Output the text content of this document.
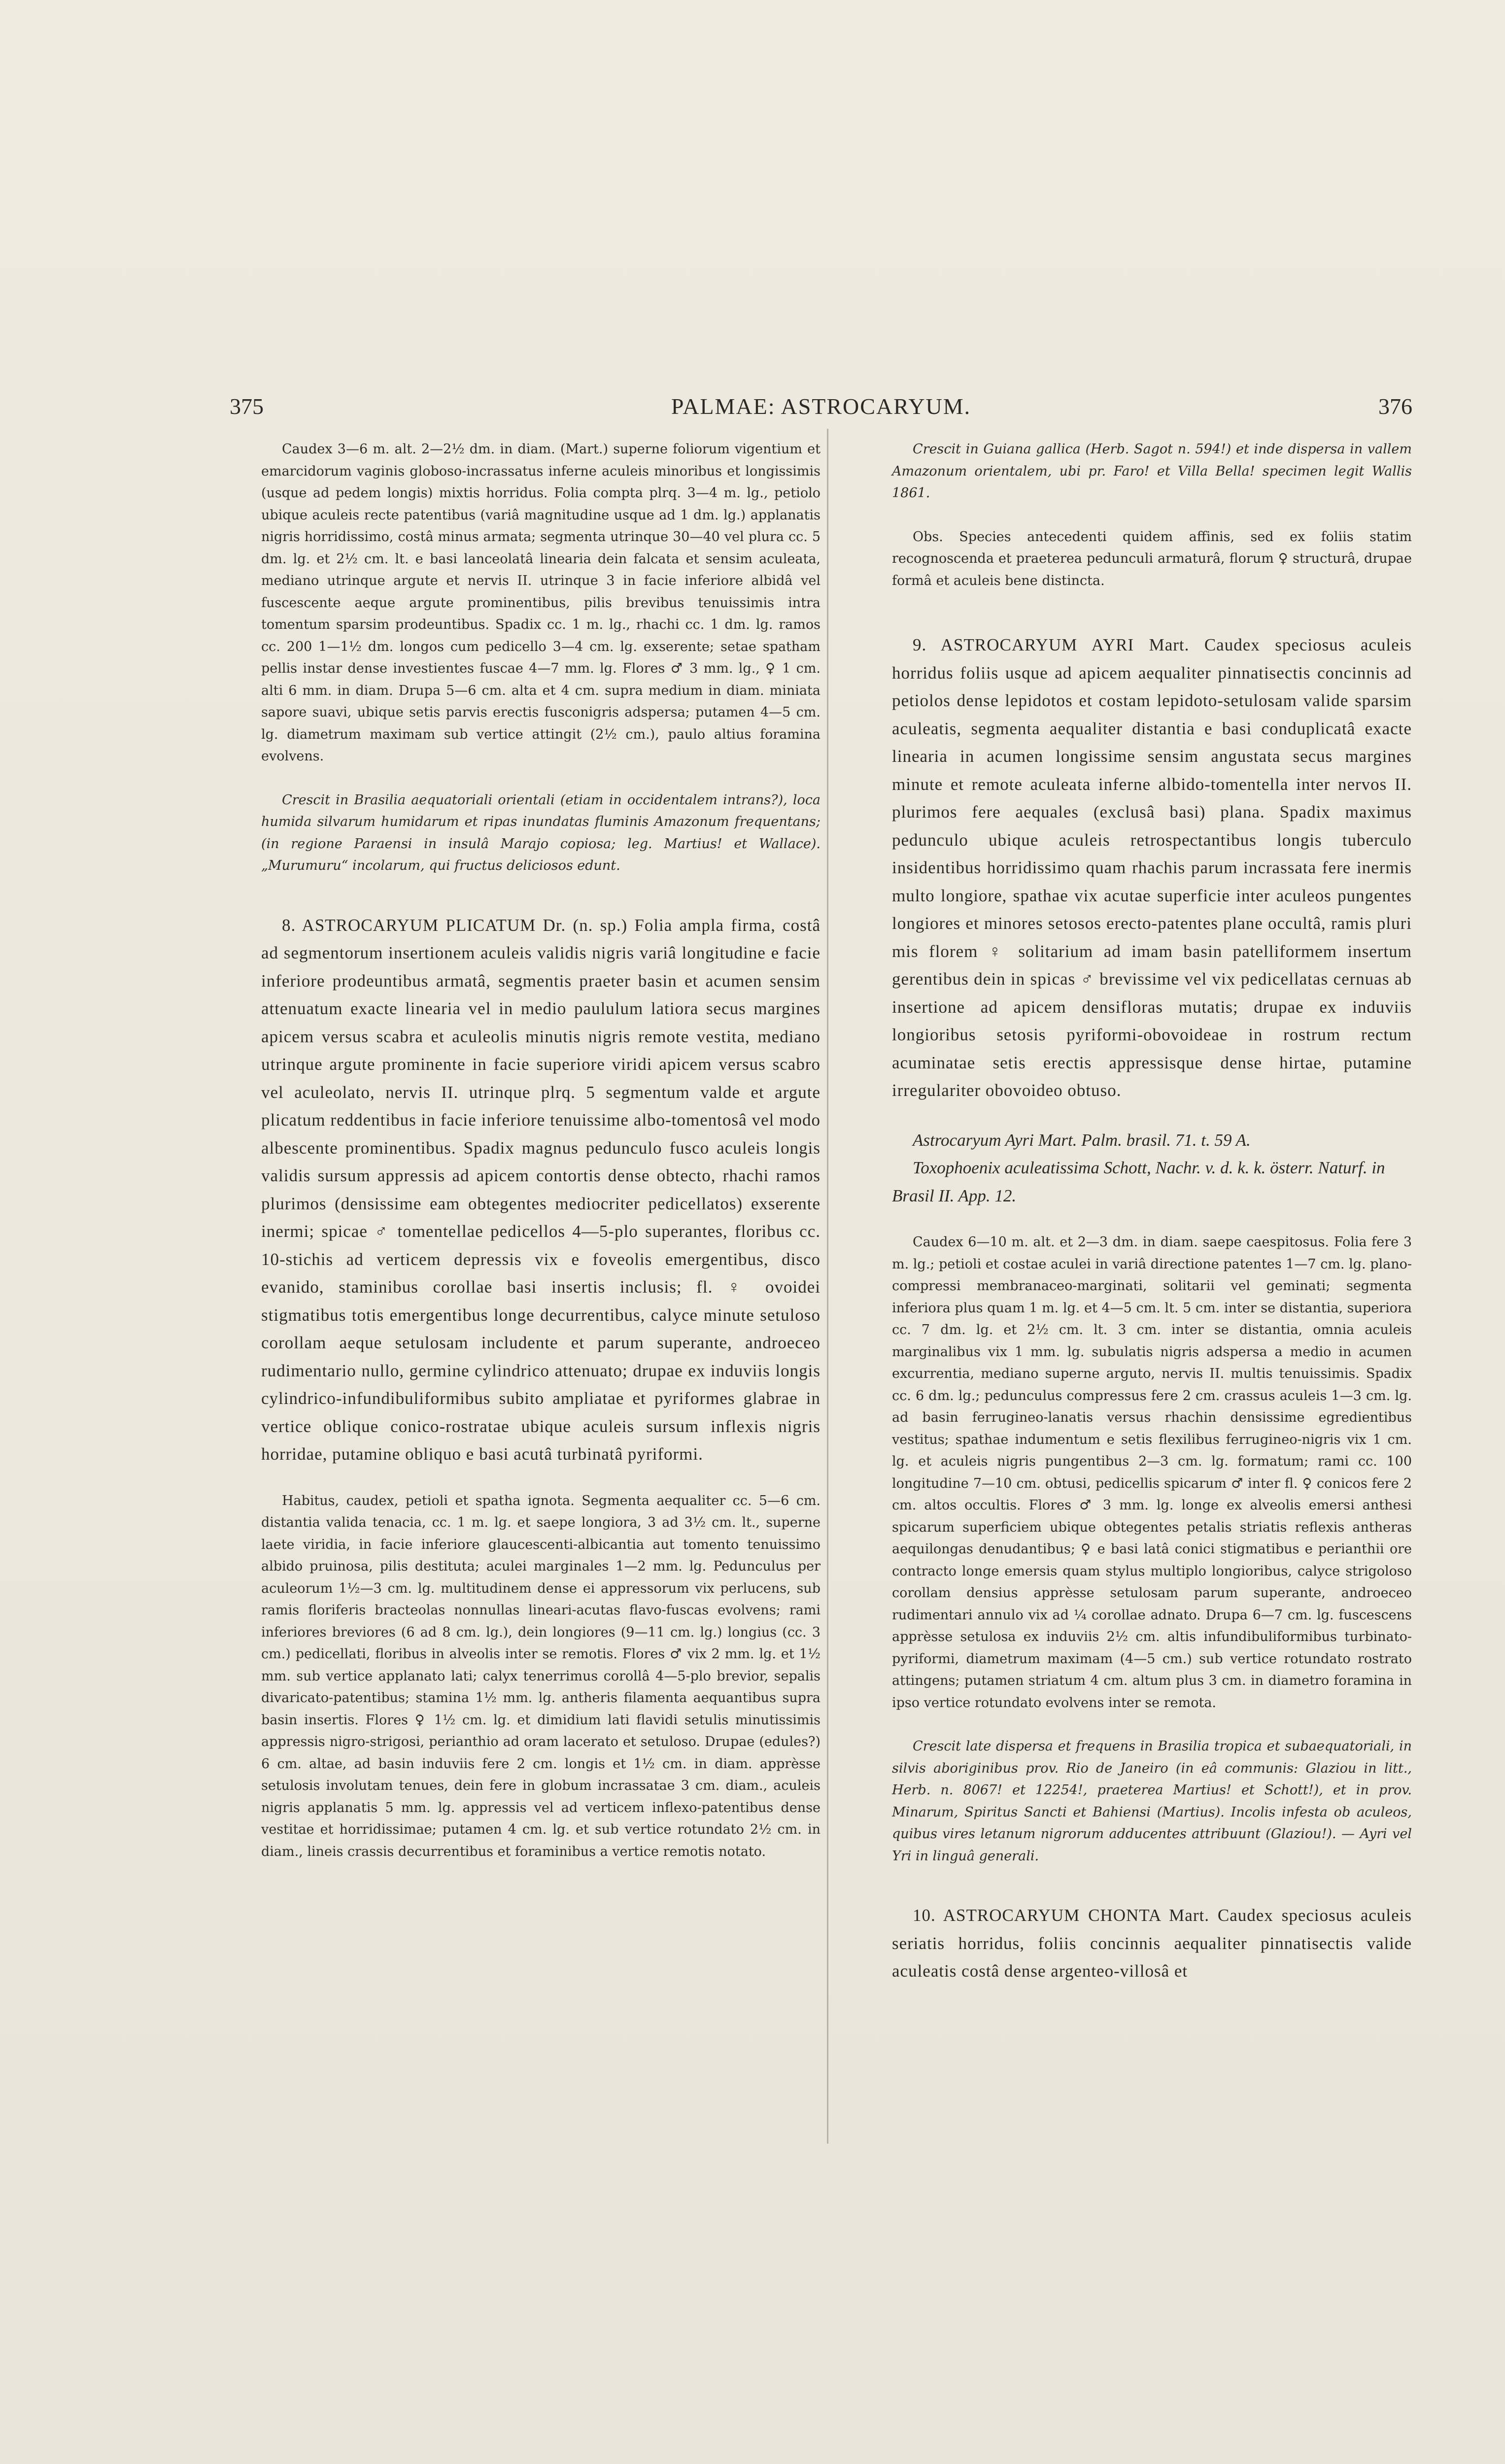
375	PALMAE: ASTROCARYUM.	376

Caudex 3—6 m. alt. 2—2½ dm. in diam. (Mart.) superne foliorum vigentium et emarcidorum vaginis globoso-incrassatus inferne aculeis minoribus et longissimis (usque ad pedem longis) mixtis horridus. Folia compta plrq. 3—4 m. lg., petiolo ubique aculeis recte patentibus (variâ magnitudine usque ad 1 dm. lg.) applanatis nigris horridissimo, costâ minus armata; segmenta utrinque 30—40 vel plura cc. 5 dm. lg. et 2½ cm. lt. e basi lanceolatâ linearia dein falcata et sensim aculeata, mediano utrinque argute et nervis II. utrinque 3 in facie inferiore albidâ vel fuscescente aeque argute prominentibus, pilis brevibus tenuissimis intra tomentum sparsim prodeuntibus. Spadix cc. 1 m. lg., rhachi cc. 1 dm. lg. ramos cc. 200 1—1½ dm. longos cum pedicello 3—4 cm. lg. exserente; setae spatham pellis instar dense investientes fuscae 4—7 mm. lg. Flores ♂ 3 mm. lg., ♀ 1 cm. alti 6 mm. in diam. Drupa 5—6 cm. alta et 4 cm. supra medium in diam. miniata sapore suavi, ubique setis parvis erectis fusconigris adspersa; putamen 4—5 cm. lg. diametrum maximam sub vertice attingit (2½ cm.), paulo altius foramina evolvens.

Crescit in Brasilia aequatoriali orientali (etiam in occidentalem intrans?), loca humida silvarum humidarum et ripas inundatas fluminis Amazonum frequentans; (in regione Paraensi in insulâ Marajo copiosa; leg. Martius! et Wallace). „Murumuru“ incolarum, qui fructus deliciosos edunt.

8. ASTROCARYUM PLICATUM Dr. (n. sp.) Folia ampla firma, costâ ad segmentorum insertionem aculeis validis nigris variâ longitudine e facie inferiore prodeuntibus armatâ, segmentis praeter basin et acumen sensim attenuatum exacte linearia vel in medio paululum latiora secus margines apicem versus scabra et aculeolis minutis nigris remote vestita, mediano utrinque argute prominente in facie superiore viridi apicem versus scabro vel aculeolato, nervis II. utrinque plrq. 5 segmentum valde et argute plicatum reddentibus in facie inferiore tenuissime albo-tomentosâ vel modo albescente prominentibus. Spadix magnus pedunculo fusco aculeis longis validis sursum appressis ad apicem contortis dense obtecto, rhachi ramos plurimos (densissime eam obtegentes mediocriter pedicellatos) exserente inermi; spicae ♂ tomentellae pedicellos 4—5-plo superantes, floribus cc. 10-stichis ad verticem depressis vix e foveolis emergentibus, disco evanido, staminibus corollae basi insertis inclusis; fl. ♀ ovoidei stigmatibus totis emergentibus longe decurrentibus, calyce minute setuloso corollam aeque setulosam includente et parum superante, androeceo rudimentario nullo, germine cylindrico attenuato; drupae ex induviis longis cylindrico-infundibuliformibus subito ampliatae et pyriformes glabrae in vertice oblique conico-rostratae ubique aculeis sursum inflexis nigris horridae, putamine obliquo e basi acutâ turbinatâ pyriformi.

Habitus, caudex, petioli et spatha ignota. Segmenta aequaliter cc. 5—6 cm. distantia valida tenacia, cc. 1 m. lg. et saepe longiora, 3 ad 3½ cm. lt., superne laete viridia, in facie inferiore glaucescenti-albicantia aut tomento tenuissimo albido pruinosa, pilis destituta; aculei marginales 1—2 mm. lg. Pedunculus per aculeorum 1½—3 cm. lg. multitudinem dense ei appressorum vix perlucens, sub ramis floriferis bracteolas nonnullas lineari-acutas flavo-fuscas evolvens; rami inferiores breviores (6 ad 8 cm. lg.), dein longiores (9—11 cm. lg.) longius (cc. 3 cm.) pedicellati, floribus in alveolis inter se remotis. Flores ♂ vix 2 mm. lg. et 1½ mm. sub vertice applanato lati; calyx tenerrimus corollâ 4—5-plo brevior, sepalis divaricato-patentibus; stamina 1½ mm. lg. antheris filamenta aequantibus supra basin insertis. Flores ♀ 1½ cm. lg. et dimidium lati flavidi setulis minutissimis appressis nigro-strigosi, perianthio ad oram lacerato et setuloso. Drupae (edules?) 6 cm. altae, ad basin induviis fere 2 cm. longis et 1½ cm. in diam. apprèsse setulosis involutam tenues, dein fere in globum incrassatae 3 cm. diam., aculeis nigris applanatis 5 mm. lg. appressis vel ad verticem inflexo-patentibus dense vestitae et horridissimae; putamen 4 cm. lg. et sub vertice rotundato 2½ cm. in diam., lineis crassis decurrentibus et foraminibus a vertice remotis notato.

Crescit in Guiana gallica (Herb. Sagot n. 594!) et inde dispersa in vallem Amazonum orientalem, ubi pr. Faro! et Villa Bella! specimen legit Wallis 1861.

Obs. Species antecedenti quidem affinis, sed ex foliis statim recognoscenda et praeterea pedunculi armaturâ, florum ♀ structurâ, drupae formâ et aculeis bene distincta.

9. ASTROCARYUM AYRI Mart. Caudex speciosus aculeis horridus foliis usque ad apicem aequaliter pinnatisectis concinnis ad petiolos dense lepidotos et costam lepidoto-setulosam valide sparsim aculeatis, segmenta aequaliter distantia e basi conduplicatâ exacte linearia in acumen longissime sensim angustata secus margines minute et remote aculeata inferne albido-tomentella inter nervos II. plurimos fere aequales (exclusâ basi) plana. Spadix maximus pedunculo ubique aculeis retrospectantibus longis tuberculo insidentibus horridissimo quam rhachis parum incrassata fere inermis multo longiore, spathae vix acutae superficie inter aculeos pungentes longiores et minores setosos erecto-patentes plane occultâ, ramis pluri mis florem ♀ solitarium ad imam basin patelliformem insertum gerentibus dein in spicas ♂ brevissime vel vix pedicellatas cernuas ab insertione ad apicem densifloras mutatis; drupae ex induviis longioribus setosis pyriformi-obovoideae in rostrum rectum acuminatae setis erectis appressisque dense hirtae, putamine irregulariter obovoideo obtuso.

Astrocaryum Ayri Mart. Palm. brasil. 71. t. 59 A.

Toxophoenix aculeatissima Schott, Nachr. v. d. k. k. österr. Naturf. in Brasil II. App. 12.

Caudex 6—10 m. alt. et 2—3 dm. in diam. saepe caespitosus. Folia fere 3 m. lg.; petioli et costae aculei in variâ directione patentes 1—7 cm. lg. plano-compressi membranaceo-marginati, solitarii vel geminati; segmenta inferiora plus quam 1 m. lg. et 4—5 cm. lt. 5 cm. inter se distantia, superiora cc. 7 dm. lg. et 2½ cm. lt. 3 cm. inter se distantia, omnia aculeis marginalibus vix 1 mm. lg. subulatis nigris adspersa a medio in acumen excurrentia, mediano superne arguto, nervis II. multis tenuissimis. Spadix cc. 6 dm. lg.; pedunculus compressus fere 2 cm. crassus aculeis 1—3 cm. lg. ad basin ferrugineo-lanatis versus rhachin densissime egredientibus vestitus; spathae indumentum e setis flexilibus ferrugineo-nigris vix 1 cm. lg. et aculeis nigris pungentibus 2—3 cm. lg. formatum; rami cc. 100 longitudine 7—10 cm. obtusi, pedicellis spicarum ♂ inter fl. ♀ conicos fere 2 cm. altos occultis. Flores ♂ 3 mm. lg. longe ex alveolis emersi anthesi spicarum superficiem ubique obtegentes petalis striatis reflexis antheras aequilongas denudantibus; ♀ e basi latâ conici stigmatibus e perianthii ore contracto longe emersis quam stylus multiplo longioribus, calyce strigoloso corollam densius apprèsse setulosam parum superante, androeceo rudimentari annulo vix ad ¼ corollae adnato. Drupa 6—7 cm. lg. fuscescens apprèsse setulosa ex induviis 2½ cm. altis infundibuliformibus turbinato-pyriformi, diametrum maximam (4—5 cm.) sub vertice rotundato rostrato attingens; putamen striatum 4 cm. altum plus 3 cm. in diametro foramina in ipso vertice rotundato evolvens inter se remota.

Crescit late dispersa et frequens in Brasilia tropica et subaequatoriali, in silvis aboriginibus prov. Rio de Janeiro (in eâ communis: Glaziou in litt., Herb. n. 8067! et 12254!, praeterea Martius! et Schott!), et in prov. Minarum, Spiritus Sancti et Bahiensi (Martius). Incolis infesta ob aculeos, quibus vires letanum nigrorum adducentes attribuunt (Glaziou!). — Ayri vel Yri in linguâ generali.

10. ASTROCARYUM CHONTA Mart. Caudex speciosus aculeis seriatis horridus, foliis concinnis aequaliter pinnatisectis valide aculeatis costâ dense argenteo-villosâ et
